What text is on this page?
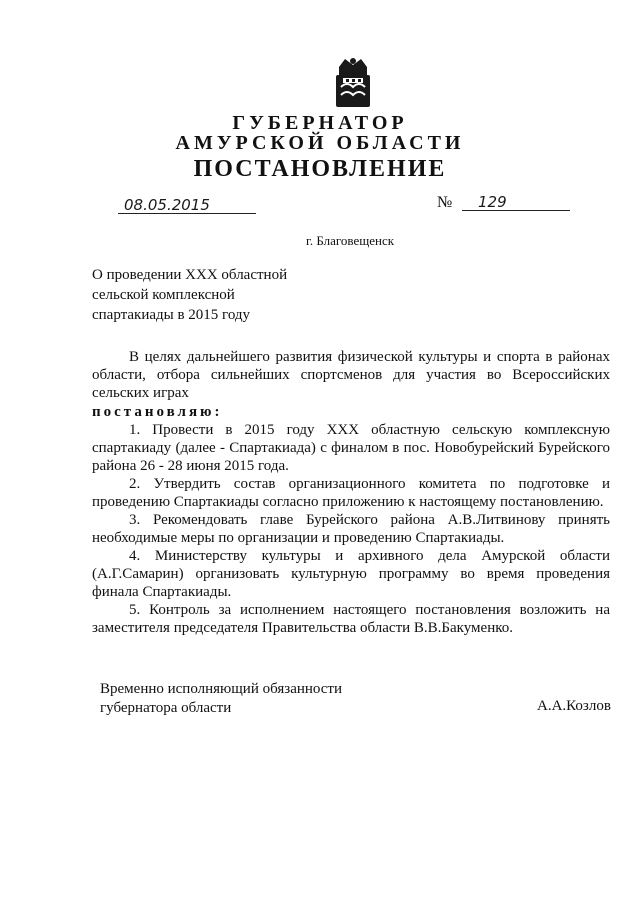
ГУБЕРНАТОР
АМУРСКОЙ ОБЛАСТИ
ПОСТАНОВЛЕНИЕ
08.05.2015	№ 129
г. Благовещенск
О проведении XXX областной
сельской комплексной
спартакиады в 2015 году
В целях дальнейшего развития физической культуры и спорта в районах области, отбора сильнейших спортсменов для участия во Всероссийских сельских играх
постановляю:
1. Провести в 2015 году XXX областную сельскую комплексную спартакиаду (далее - Спартакиада) с финалом в пос. Новобурейский Бурейского района 26 - 28 июня 2015 года.
2. Утвердить состав организационного комитета по подготовке и проведению Спартакиады согласно приложению к настоящему постановлению.
3. Рекомендовать главе Бурейского района А.В.Литвинову принять необходимые меры по организации и проведению Спартакиады.
4. Министерству культуры и архивного дела Амурской области (А.Г.Самарин) организовать культурную программу во время проведения финала Спартакиады.
5. Контроль за исполнением настоящего постановления возложить на заместителя председателя Правительства области В.В.Бакуменко.
Временно исполняющий обязанности
губернатора области	А.А.Козлов
